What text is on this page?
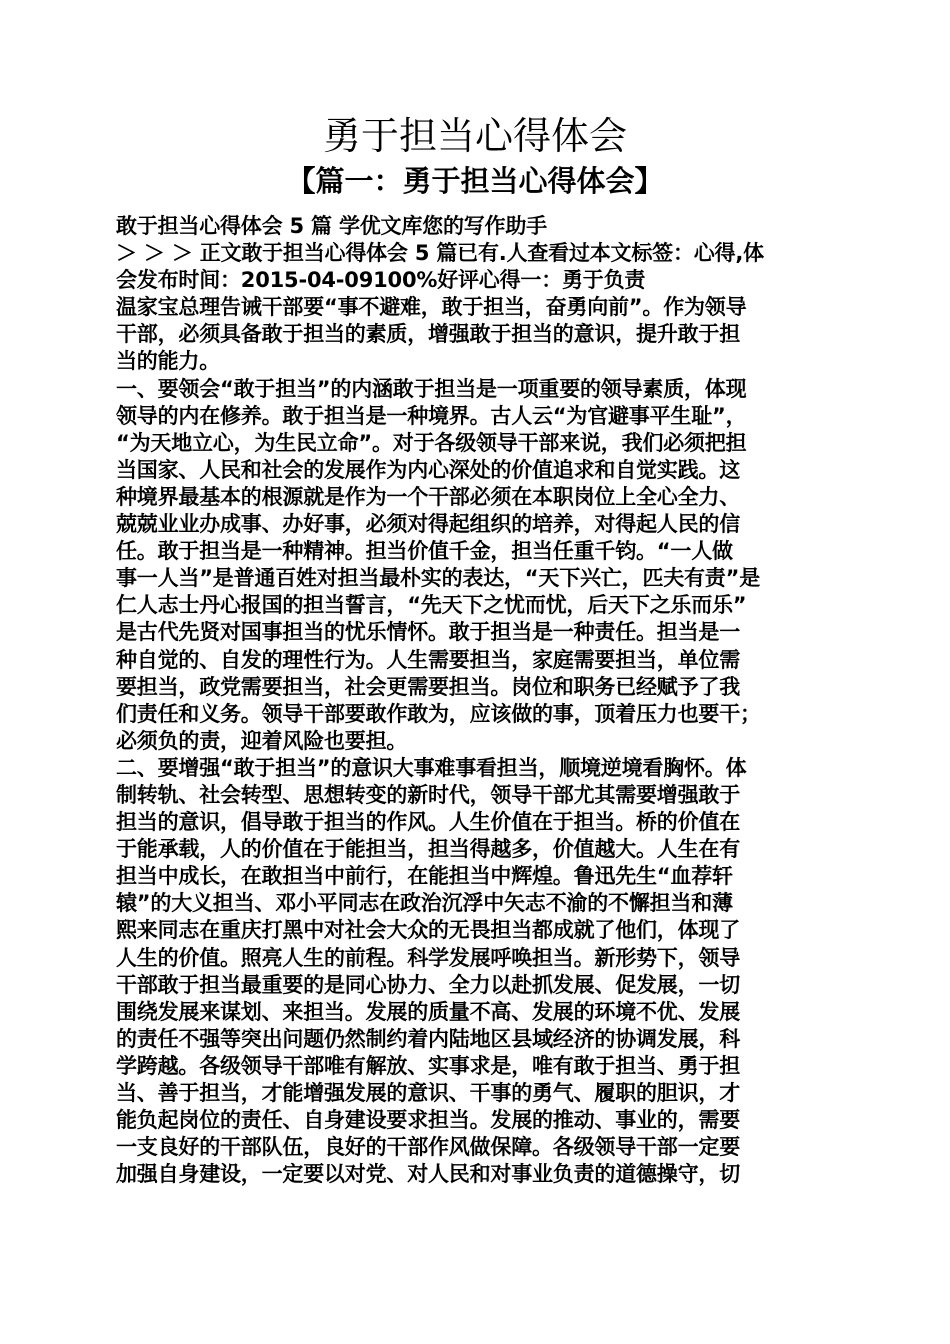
勇于担当心得体会
【篇一：勇于担当心得体会】
敢于担当心得体会 5 篇 学优文库您的写作助手
＞ ＞ ＞ 正文敢于担当心得体会 5 篇已有.人查看过本文标签：心得,体
会发布时间：2015-04-09100%好评心得一：勇于负责
温家宝总理告诫干部要“事不避难，敢于担当，奋勇向前”。作为领导
干部，必须具备敢于担当的素质，增强敢于担当的意识，提升敢于担
当的能力。
一、要领会“敢于担当”的内涵敢于担当是一项重要的领导素质，体现
领导的内在修养。敢于担当是一种境界。古人云“为官避事平生耻”，
“为天地立心，为生民立命”。对于各级领导干部来说，我们必须把担
当国家、人民和社会的发展作为内心深处的价值追求和自觉实践。这
种境界最基本的根源就是作为一个干部必须在本职岗位上全心全力、
兢兢业业办成事、办好事，必须对得起组织的培养，对得起人民的信
任。敢于担当是一种精神。担当价值千金，担当任重千钧。“一人做
事一人当”是普通百姓对担当最朴实的表达，“天下兴亡，匹夫有责”是
仁人志士丹心报国的担当誓言，“先天下之忧而忧，后天下之乐而乐”
是古代先贤对国事担当的忧乐情怀。敢于担当是一种责任。担当是一
种自觉的、自发的理性行为。人生需要担当，家庭需要担当，单位需
要担当，政党需要担当，社会更需要担当。岗位和职务已经赋予了我
们责任和义务。领导干部要敢作敢为，应该做的事，顶着压力也要干；
必须负的责，迎着风险也要担。
二、要增强“敢于担当”的意识大事难事看担当，顺境逆境看胸怀。体
制转轨、社会转型、思想转变的新时代，领导干部尤其需要增强敢于
担当的意识，倡导敢于担当的作风。人生价值在于担当。桥的价值在
于能承载，人的价值在于能担当，担当得越多，价值越大。人生在有
担当中成长，在敢担当中前行，在能担当中辉煌。鲁迅先生“血荐轩
辕”的大义担当、邓小平同志在政治沉浮中矢志不渝的不懈担当和薄
熙来同志在重庆打黑中对社会大众的无畏担当都成就了他们，体现了
人生的价值。照亮人生的前程。科学发展呼唤担当。新形势下，领导
干部敢于担当最重要的是同心协力、全力以赴抓发展、促发展，一切
围绕发展来谋划、来担当。发展的质量不高、发展的环境不优、发展
的责任不强等突出问题仍然制约着内陆地区县域经济的协调发展，科
学跨越。各级领导干部唯有解放、实事求是，唯有敢于担当、勇于担
当、善于担当，才能增强发展的意识、干事的勇气、履职的胆识，才
能负起岗位的责任、自身建设要求担当。发展的推动、事业的，需要
一支良好的干部队伍，良好的干部作风做保障。各级领导干部一定要
加强自身建设，一定要以对党、对人民和对事业负责的道德操守，切
